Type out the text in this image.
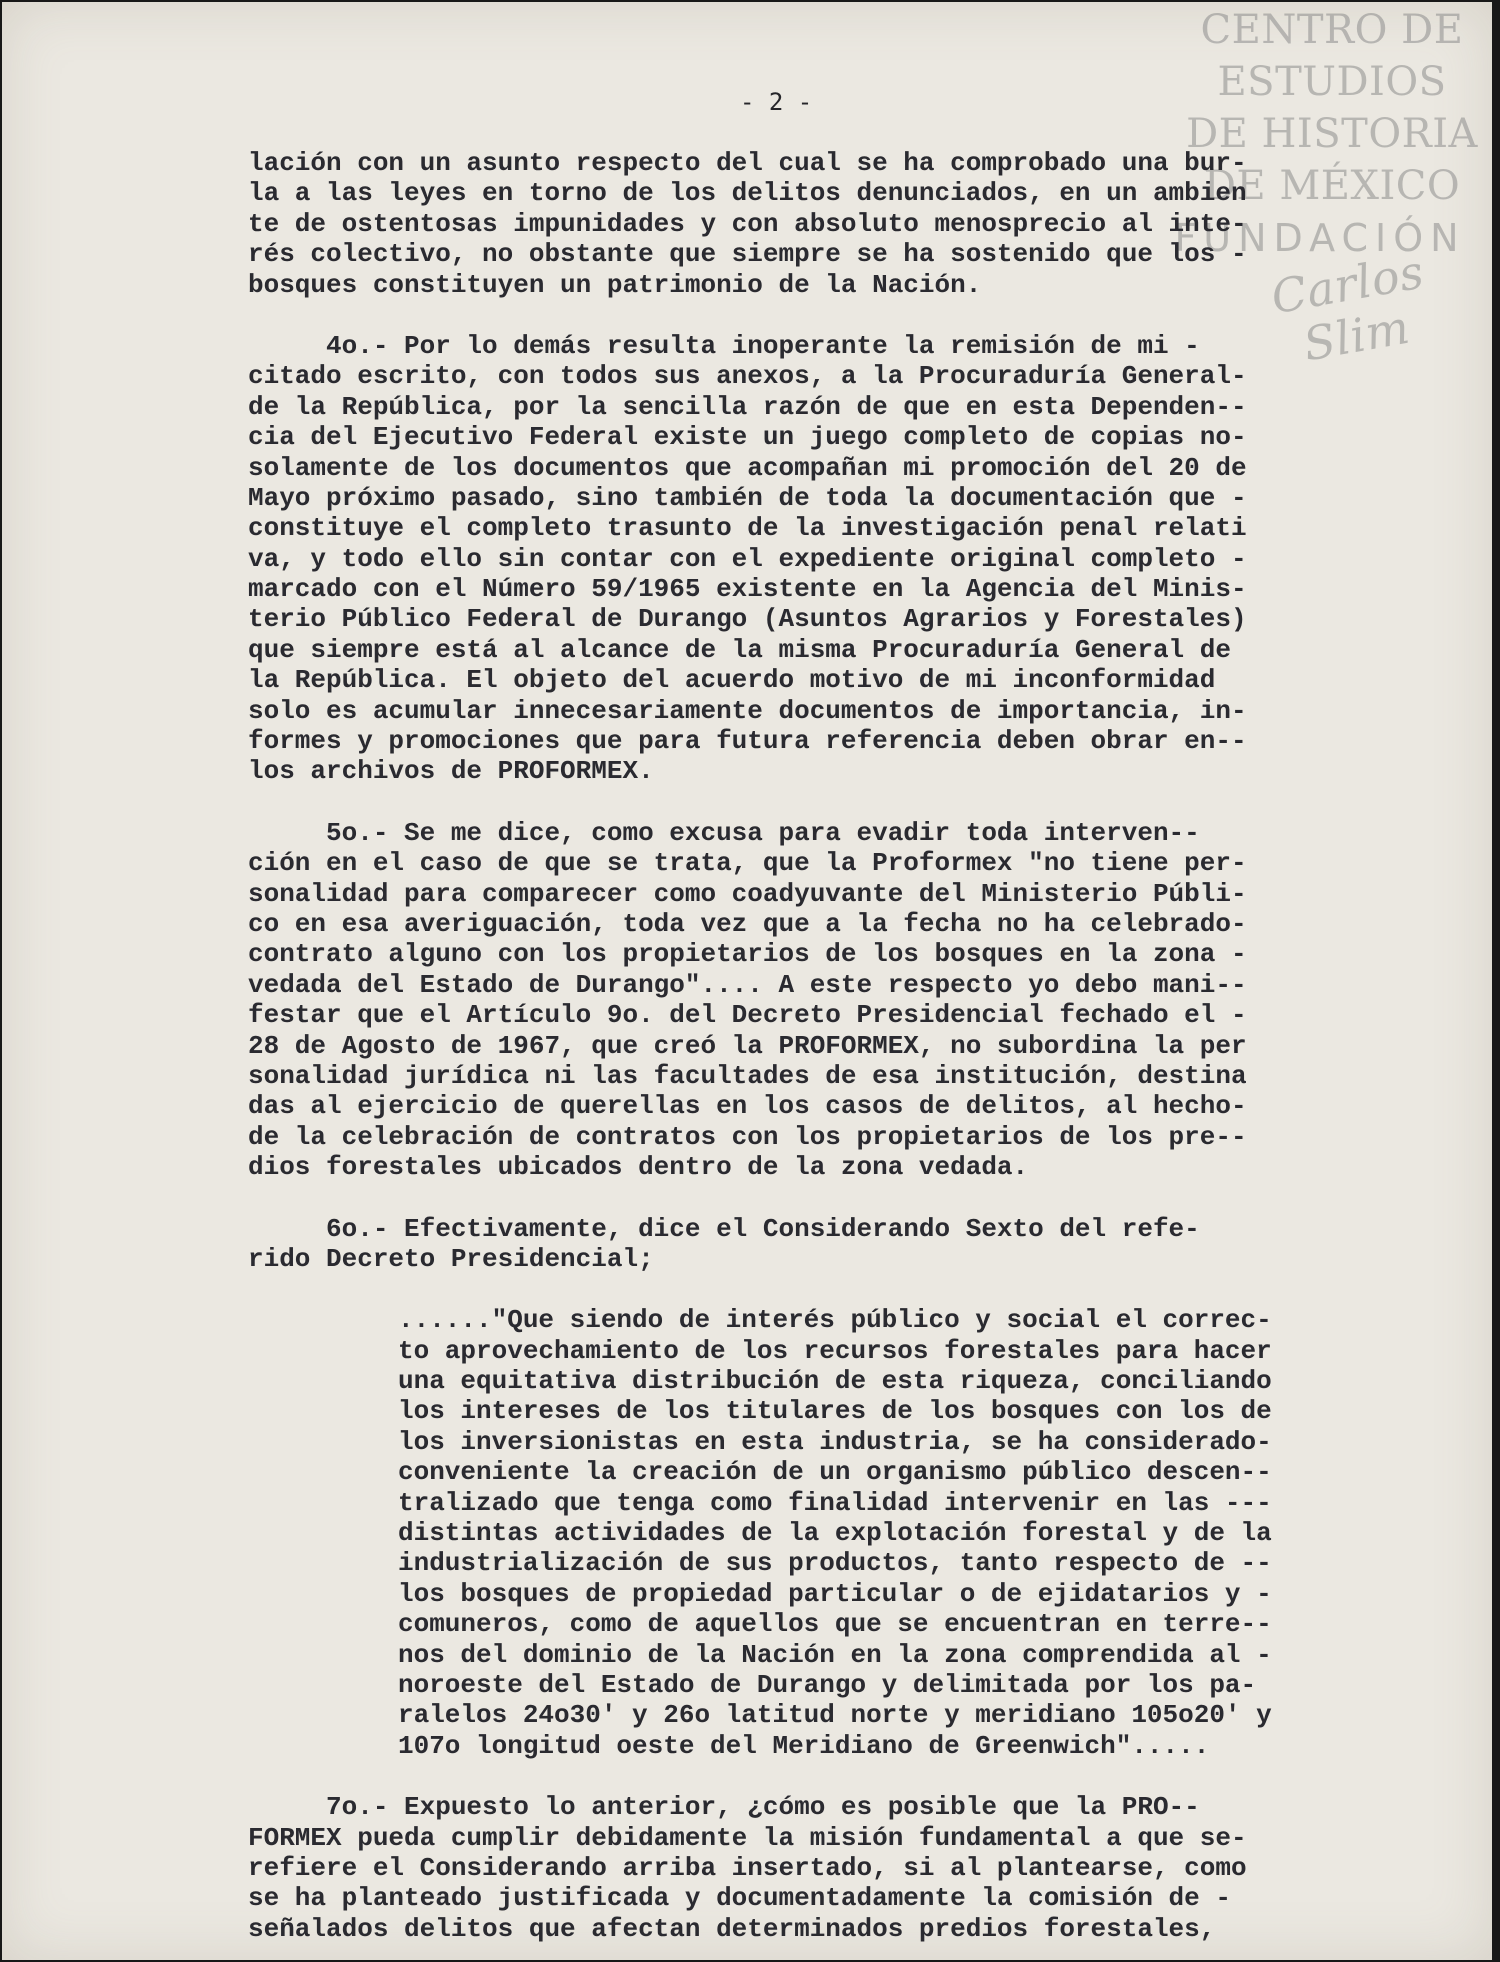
CENTRO DE
ESTUDIOS
DE HISTORIA
DE MÉXICO
FUNDACIÓN
Carlos Slim
- 2 -
lación con un asunto respecto del cual se ha comprobado una bur-
la a las leyes en torno de los delitos denunciados, en un ambien
te de ostentosas impunidades y con absoluto menosprecio al inte-
rés colectivo, no obstante que siempre se ha sostenido que los -
bosques constituyen un patrimonio de la Nación.
4o.- Por lo demás resulta inoperante la remisión de mi -
citado escrito, con todos sus anexos, a la Procuraduría General-
de la República, por la sencilla razón de que en esta Dependen--
cia del Ejecutivo Federal existe un juego completo de copias no-
solamente de los documentos que acompañan mi promoción del 20 de
Mayo próximo pasado, sino también de toda la documentación que -
constituye el completo trasunto de la investigación penal relati
va, y todo ello sin contar con el expediente original completo -
marcado con el Número 59/1965 existente en la Agencia del Minis-
terio Público Federal de Durango (Asuntos Agrarios y Forestales)
que siempre está al alcance de la misma Procuraduría General de
la República. El objeto del acuerdo motivo de mi inconformidad
solo es acumular innecesariamente documentos de importancia, in-
formes y promociones que para futura referencia deben obrar en--
los archivos de PROFORMEX.
5o.- Se me dice, como excusa para evadir toda interven--
ción en el caso de que se trata, que la Proformex "no tiene per-
sonalidad para comparecer como coadyuvante del Ministerio Públi-
co en esa averiguación, toda vez que a la fecha no ha celebrado-
contrato alguno con los propietarios de los bosques en la zona -
vedada del Estado de Durango".... A este respecto yo debo mani--
festar que el Artículo 9o. del Decreto Presidencial fechado el -
28 de Agosto de 1967, que creó la PROFORMEX, no subordina la per
sonalidad jurídica ni las facultades de esa institución, destina
das al ejercicio de querellas en los casos de delitos, al hecho-
de la celebración de contratos con los propietarios de los pre--
dios forestales ubicados dentro de la zona vedada.
6o.- Efectivamente, dice el Considerando Sexto del refe-
rido Decreto Presidencial;
......"Que siendo de interés público y social el correc-
to aprovechamiento de los recursos forestales para hacer
una equitativa distribución de esta riqueza, conciliando
los intereses de los titulares de los bosques con los de
los inversionistas en esta industria, se ha considerado-
conveniente la creación de un organismo público descen--
tralizado que tenga como finalidad intervenir en las ---
distintas actividades de la explotación forestal y de la
industrialización de sus productos, tanto respecto de --
los bosques de propiedad particular o de ejidatarios y -
comuneros, como de aquellos que se encuentran en terre--
nos del dominio de la Nación en la zona comprendida al -
noroeste del Estado de Durango y delimitada por los pa-
ralelos 24o30' y 26o latitud norte y meridiano 105o20' y
107o longitud oeste del Meridiano de Greenwich".....
7o.- Expuesto lo anterior, ¿cómo es posible que la PRO--
FORMEX pueda cumplir debidamente la misión fundamental a que se-
refiere el Considerando arriba insertado, si al plantearse, como
se ha planteado justificada y documentadamente la comisión de -
señalados delitos que afectan determinados predios forestales,
